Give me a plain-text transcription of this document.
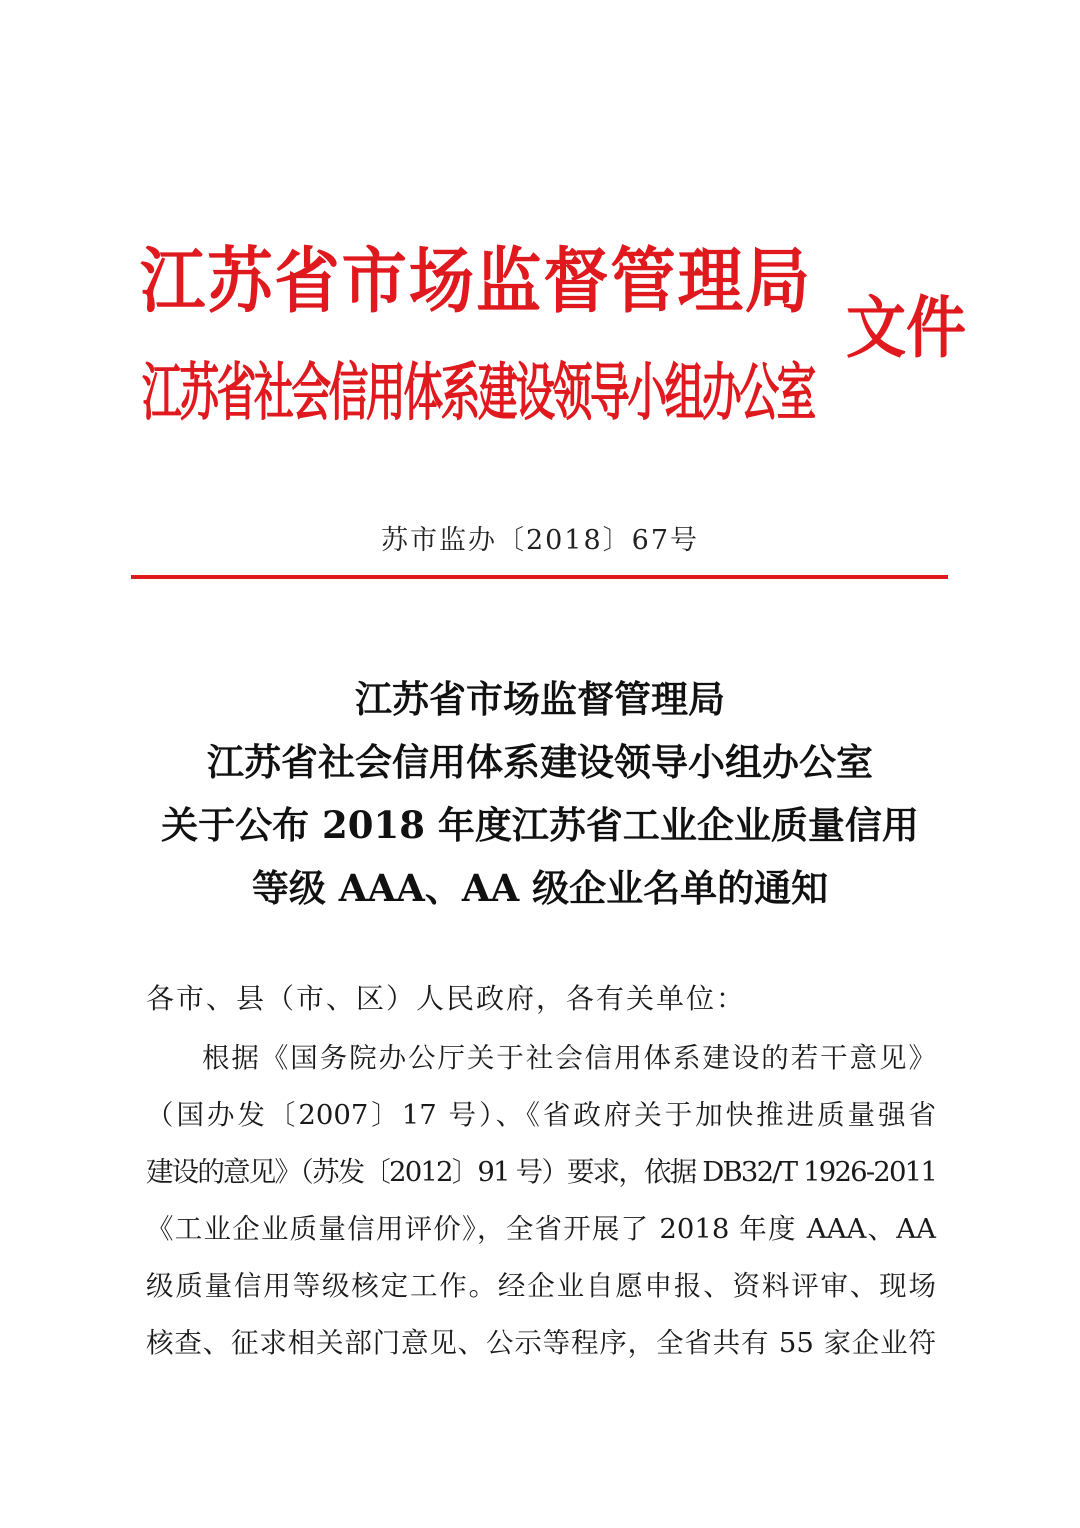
江苏省市场监督管理局
江苏省社会信用体系建设领导小组办公室
文件
苏市监办〔2018〕67号
江苏省市场监督管理局
江苏省社会信用体系建设领导小组办公室
关于公布 2018 年度江苏省工业企业质量信用
等级 AAA、AA 级企业名单的通知
各市、县（市、区）人民政府，各有关单位：
根据《国务院办公厅关于社会信用体系建设的若干意见》
（国办发〔2007〕17 号）、《省政府关于加快推进质量强省
建设的意见》（苏发〔2012〕91 号）要求，依据 DB32/T 1926-2011
《工业企业质量信用评价》，全省开展了 2018 年度 AAA、AA
级质量信用等级核定工作。经企业自愿申报、资料评审、现场
核查、征求相关部门意见、公示等程序，全省共有 55 家企业符
